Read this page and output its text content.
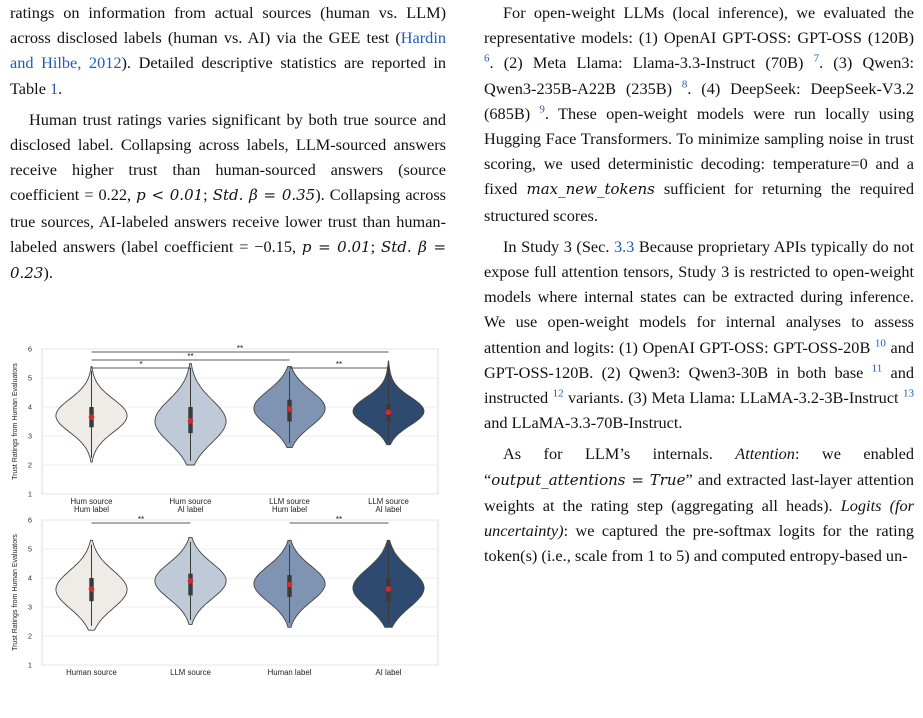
ratings on information from actual sources (human vs. LLM) across disclosed labels (human vs. AI) via the GEE test (Hardin and Hilbe, 2012). Detailed descriptive statistics are reported in Table 1.

Human trust ratings varies significant by both true source and disclosed label. Collapsing across labels, LLM-sourced answers receive higher trust than human-sourced answers (source coefficient = 0.22, p < 0.01; Std. β = 0.35). Collapsing across true sources, AI-labeled answers receive lower trust than human-labeled answers (label coefficient = −0.15, p = 0.01; Std. β = 0.23).

1
2
3
4
5
6
Trust Ratings from Human Evaluators
Hum source
Hum label
Hum source
AI label
LLM source
Hum label
LLM source
AI label
**
**
*	**
1
2
3
4
5
6
Trust Ratings from Human Evaluators
Human source	LLM source	Human label	AI label
**	**

For open-weight LLMs (local inference), we evaluated the representative models: (1) OpenAI GPT-OSS: GPT-OSS (120B) $^6$. (2) Meta Llama: Llama-3.3-Instruct (70B) $^7$. (3) Qwen3: Qwen3-235B-A22B (235B) $^8$. (4) DeepSeek: DeepSeek-V3.2 (685B) $^9$. These open-weight models were run locally using Hugging Face Transformers. To minimize sampling noise in trust scoring, we used deterministic decoding: temperature=0 and a fixed max_new_tokens sufficient for returning the required structured scores.

In Study 3 (Sec. 3.3 Because proprietary APIs typically do not expose full attention tensors, Study 3 is restricted to open-weight models where internal states can be extracted during inference. We use open-weight models for internal analyses to assess attention and logits: (1) OpenAI GPT-OSS: GPT-OSS-20B $^{10}$ and GPT-OSS-120B. (2) Qwen3: Qwen3-30B in both base $^{11}$ and instructed $^{12}$ variants. (3) Meta Llama: LLaMA-3.2-3B-Instruct $^{13}$ and LLaMA-3.3-70B-Instruct.

As for LLM’s internals. Attention: we enabled “output_attentions = True” and extracted last-layer attention weights at the rating step (aggregating all heads). Logits (for uncertainty): we captured the pre-softmax logits for the rating token(s) (i.e., scale from 1 to 5) and computed entropy-based un-
